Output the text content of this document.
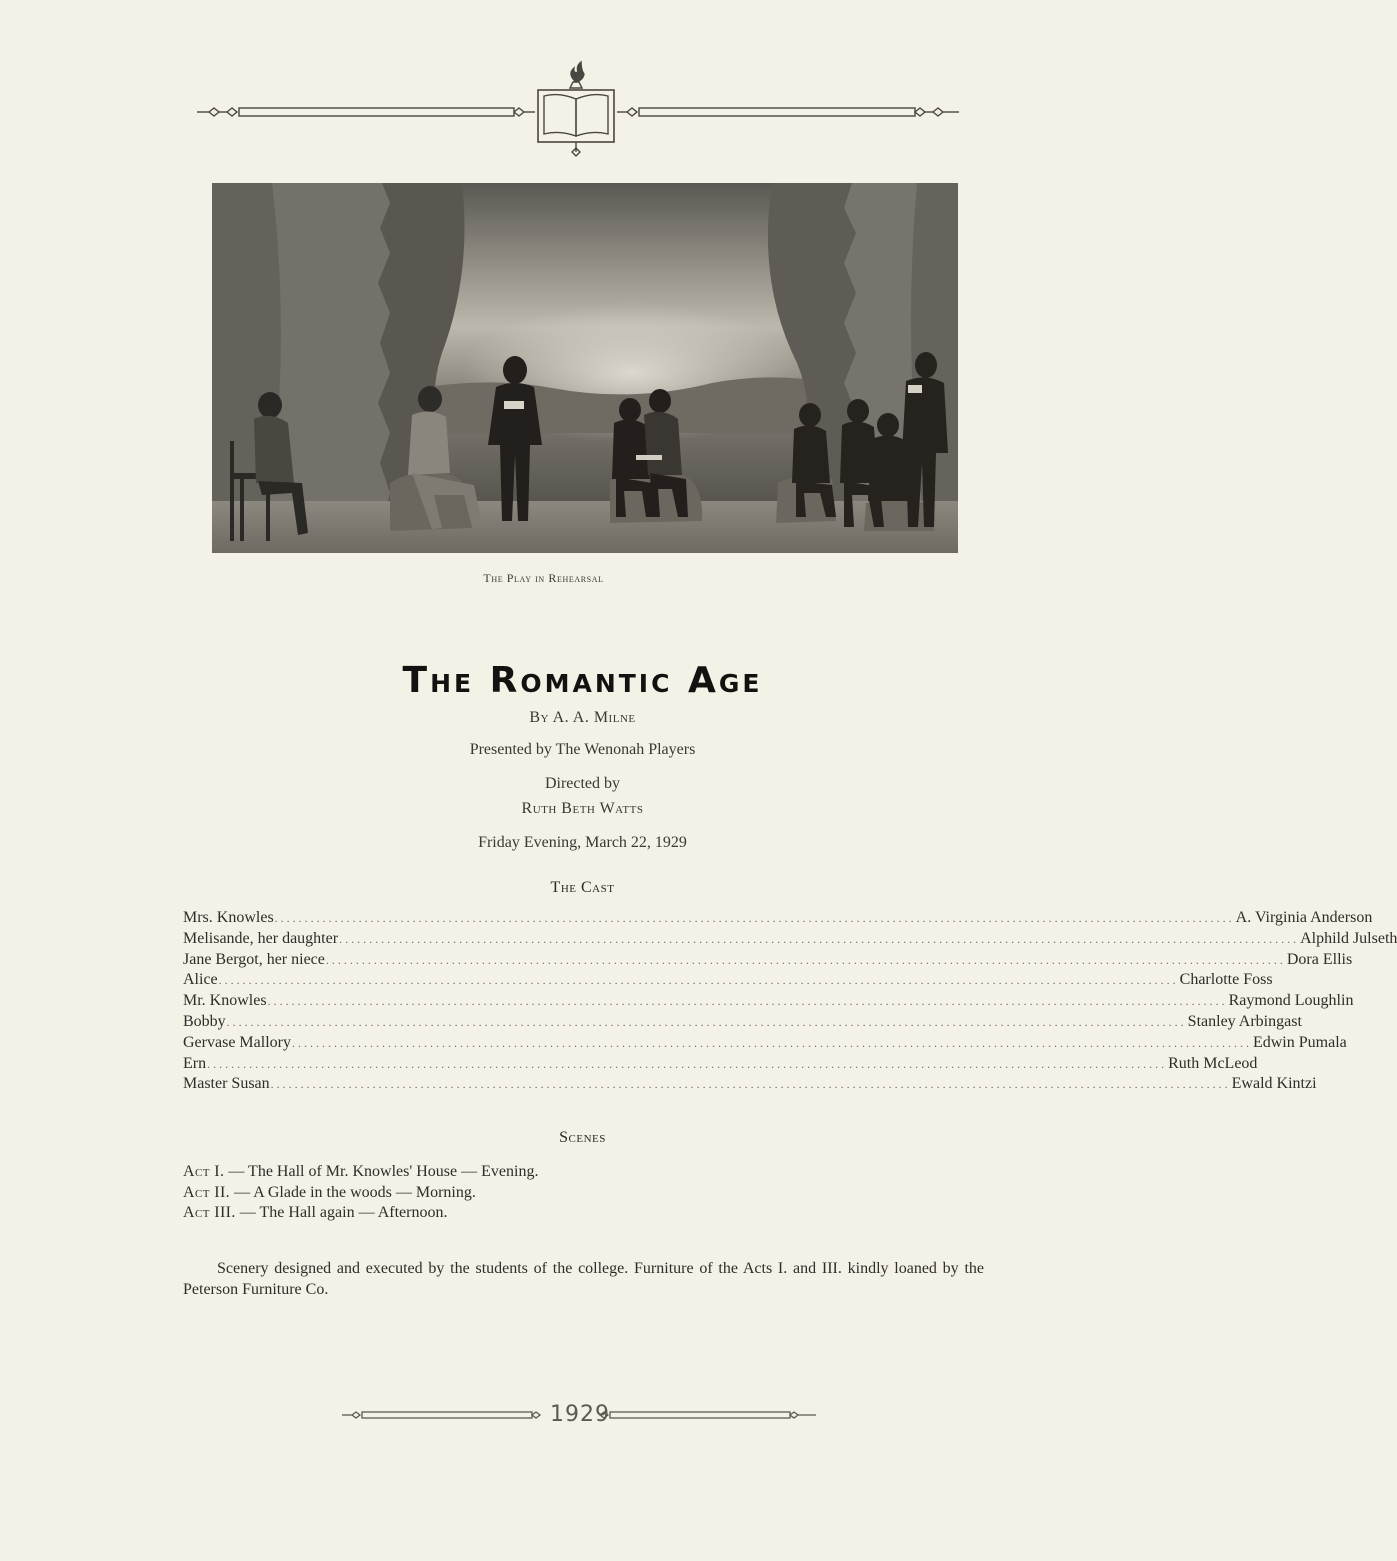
The Play in Rehearsal
The Romantic Age
By A. A. Milne
Presented by The Wenonah Players
Directed by
Ruth Beth Watts
Friday Evening, March 22, 1929
The Cast
Mrs. Knowles ................................................................................................................................................................ A. Virginia Anderson
Melisande, her daughter ................................................................................................................................................................ Alphild Julseth
Jane Bergot, her niece ................................................................................................................................................................ Dora Ellis
Alice ................................................................................................................................................................ Charlotte Foss
Mr. Knowles ................................................................................................................................................................ Raymond Loughlin
Bobby ................................................................................................................................................................ Stanley Arbingast
Gervase Mallory ................................................................................................................................................................ Edwin Pumala
Ern ................................................................................................................................................................ Ruth McLeod
Master Susan ................................................................................................................................................................ Ewald Kintzi
Scenes
Act I. — The Hall of Mr. Knowles' House — Evening.
Act II. — A Glade in the woods — Morning.
Act III. — The Hall again — Afternoon.
Scenery designed and executed by the students of the college. Furniture of the Acts I. and III. kindly loaned by the Peterson Furniture Co.
1929
